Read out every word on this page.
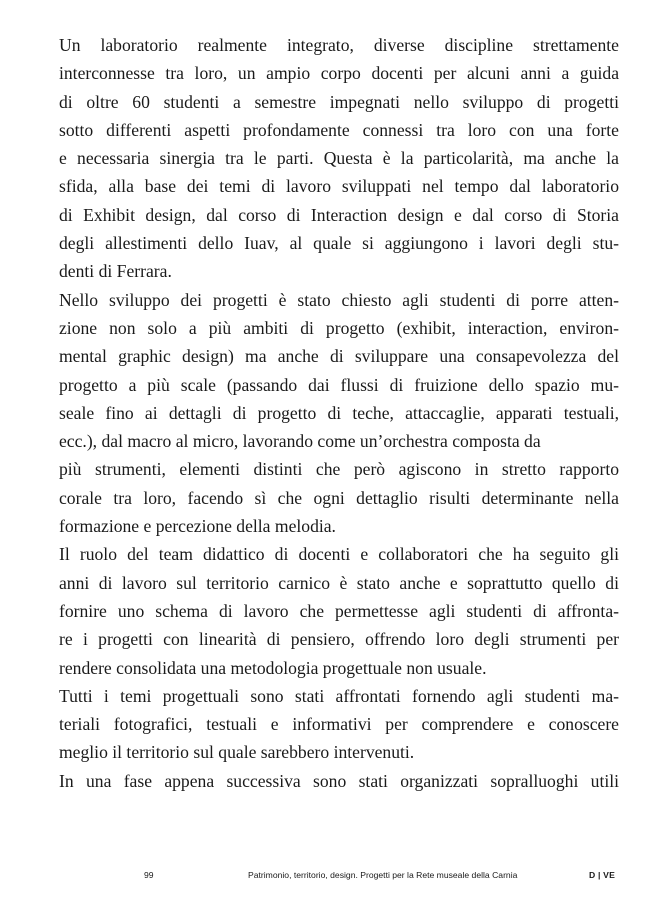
Un laboratorio realmente integrato, diverse discipline strettamente
interconnesse tra loro, un ampio corpo docenti per alcuni anni a guida
di oltre 60 studenti a semestre impegnati nello sviluppo di progetti
sotto differenti aspetti profondamente connessi tra loro con una forte
e necessaria sinergia tra le parti. Questa è la particolarità, ma anche la
sfida, alla base dei temi di lavoro sviluppati nel tempo dal laboratorio
di Exhibit design, dal corso di Interaction design e dal corso di Storia
degli allestimenti dello Iuav, al quale si aggiungono i lavori degli stu-
denti di Ferrara.
Nello sviluppo dei progetti è stato chiesto agli studenti di porre atten-
zione non solo a più ambiti di progetto (exhibit, interaction, environ-
mental graphic design) ma anche di sviluppare una consapevolezza del
progetto a più scale (passando dai flussi di fruizione dello spazio mu-
seale fino ai dettagli di progetto di teche, attaccaglie, apparati testuali,
ecc.), dal macro al micro, lavorando come un’orchestra composta da
più strumenti, elementi distinti che però agiscono in stretto rapporto
corale tra loro, facendo sì che ogni dettaglio risulti determinante nella
formazione e percezione della melodia.
Il ruolo del team didattico di docenti e collaboratori che ha seguito gli
anni di lavoro sul territorio carnico è stato anche e soprattutto quello di
fornire uno schema di lavoro che permettesse agli studenti di affronta-
re i progetti con linearità di pensiero, offrendo loro degli strumenti per
rendere consolidata una metodologia progettuale non usuale.
Tutti i temi progettuali sono stati affrontati fornendo agli studenti ma-
teriali fotografici, testuali e informativi per comprendere e conoscere
meglio il territorio sul quale sarebbero intervenuti.
In una fase appena successiva sono stati organizzati sopralluoghi utili
99	Patrimonio, territorio, design. Progetti per la Rete museale della Carnia	D | VE
